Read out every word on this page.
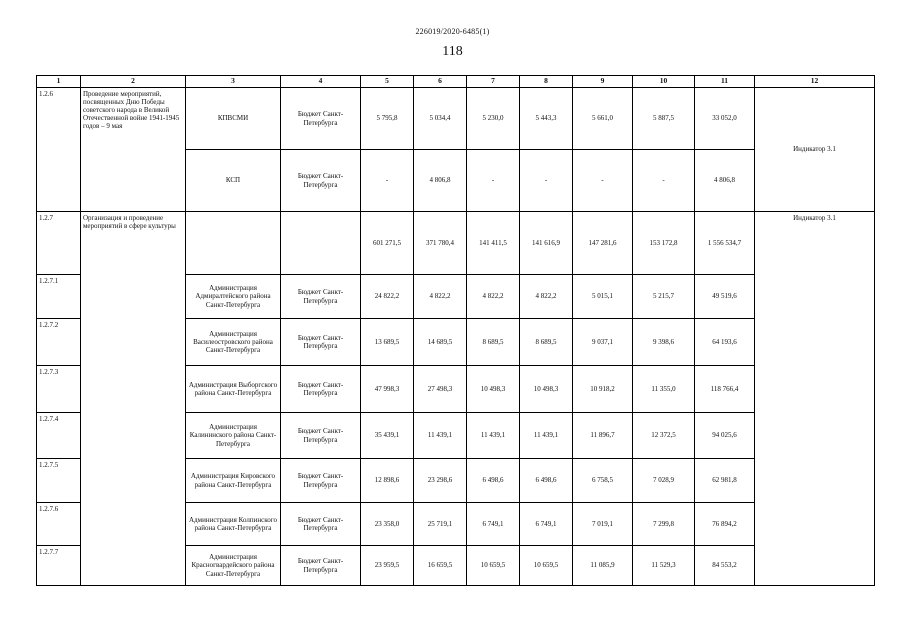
226019/2020-6485(1)
118
1	2	3	4	5	6	7	8	9	10	11	12
1.2.6	Проведение мероприятий, посвященных Дню Победы советского народа в Великой Отечественной войне 1941-1945 годов – 9 мая	КПВСМИ	Бюджет Санкт-Петербурга	5 795,8	5 034,4	5 230,0	5 443,3	5 661,0	5 887,5	33 052,0	Индикатор 3.1
		КСП	Бюджет Санкт-Петербурга	-	4 806,8	-	-	-	-	4 806,8	
1.2.7	Организация и проведение мероприятий в сфере культуры			601 271,5	371 780,4	141 411,5	141 616,9	147 281,6	153 172,8	1 556 534,7	Индикатор 3.1
1.2.7.1		Администрация Адмиралтейского района Санкт-Петербурга	Бюджет Санкт-Петербурга	24 822,2	4 822,2	4 822,2	4 822,2	5 015,1	5 215,7	49 519,6	
1.2.7.2		Администрация Василеостровского района Санкт-Петербурга	Бюджет Санкт-Петербурга	13 689,5	14 689,5	8 689,5	8 689,5	9 037,1	9 398,6	64 193,6	
1.2.7.3		Администрация Выборгского района Санкт-Петербурга	Бюджет Санкт-Петербурга	47 998,3	27 498,3	10 498,3	10 498,3	10 918,2	11 355,0	118 766,4	
1.2.7.4		Администрация Калининского района Санкт-Петербурга	Бюджет Санкт-Петербурга	35 439,1	11 439,1	11 439,1	11 439,1	11 896,7	12 372,5	94 025,6	
1.2.7.5		Администрация Кировского района Санкт-Петербурга	Бюджет Санкт-Петербурга	12 898,6	23 298,6	6 498,6	6 498,6	6 758,5	7 028,9	62 981,8	
1.2.7.6		Администрация Колпинского района Санкт-Петербурга	Бюджет Санкт-Петербурга	23 358,0	25 719,1	6 749,1	6 749,1	7 019,1	7 299,8	76 894,2	
1.2.7.7		Администрация Красногвардейского района Санкт-Петербурга	Бюджет Санкт-Петербурга	23 959,5	16 659,5	10 659,5	10 659,5	11 085,9	11 529,3	84 553,2	
